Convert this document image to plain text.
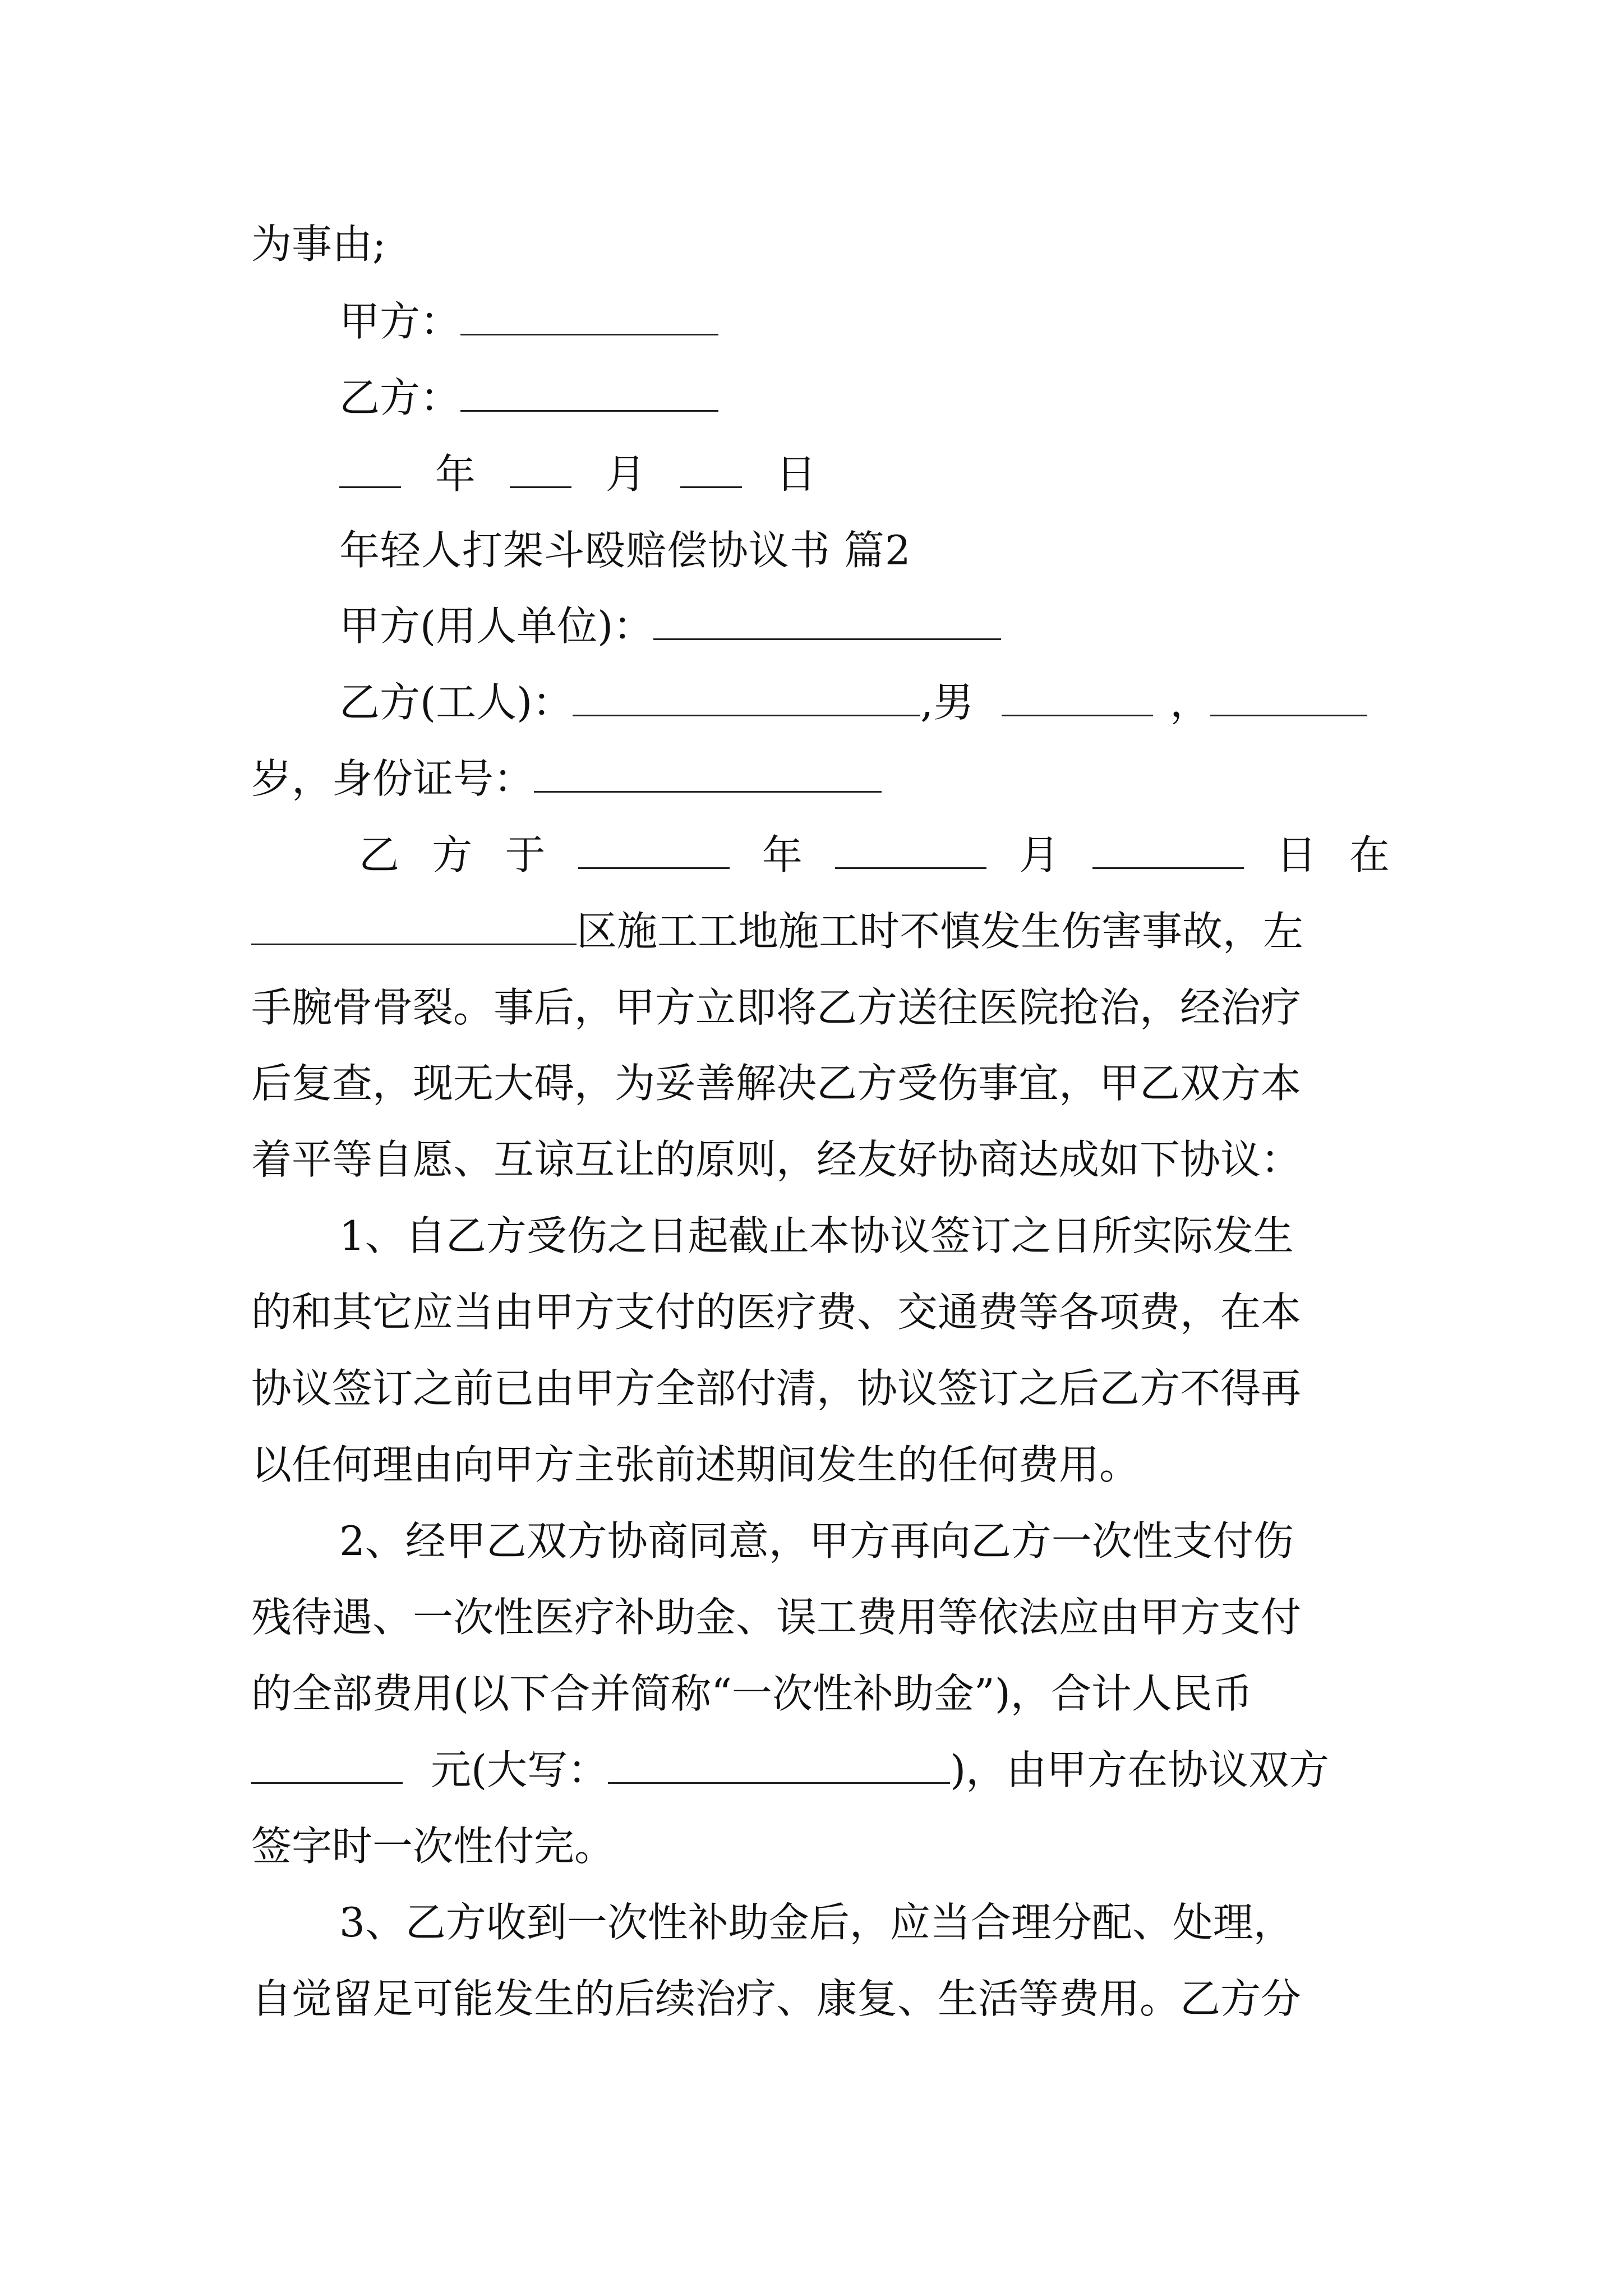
为事由;
甲方：
乙方：
年	月	日
年轻人打架斗殴赔偿协议书 篇2
甲方(用人单位)：
乙方(工人)：	,男	，
岁，身份证号：
乙 方 于	年	月	日 在
区施工工地施工时不慎发生伤害事故，左
手腕骨骨裂。事后，甲方立即将乙方送往医院抢治，经治疗
后复查，现无大碍，为妥善解决乙方受伤事宜，甲乙双方本
着平等自愿、互谅互让的原则，经友好协商达成如下协议：
1、自乙方受伤之日起截止本协议签订之日所实际发生
的和其它应当由甲方支付的医疗费、交通费等各项费，在本
协议签订之前已由甲方全部付清，协议签订之后乙方不得再
以任何理由向甲方主张前述期间发生的任何费用。
2、经甲乙双方协商同意，甲方再向乙方一次性支付伤
残待遇、一次性医疗补助金、误工费用等依法应由甲方支付
的全部费用(以下合并简称“一次性补助金”)，合计人民币
元(大写：	)，由甲方在协议双方
签字时一次性付完。
3、乙方收到一次性补助金后，应当合理分配、处理，
自觉留足可能发生的后续治疗、康复、生活等费用。乙方分
